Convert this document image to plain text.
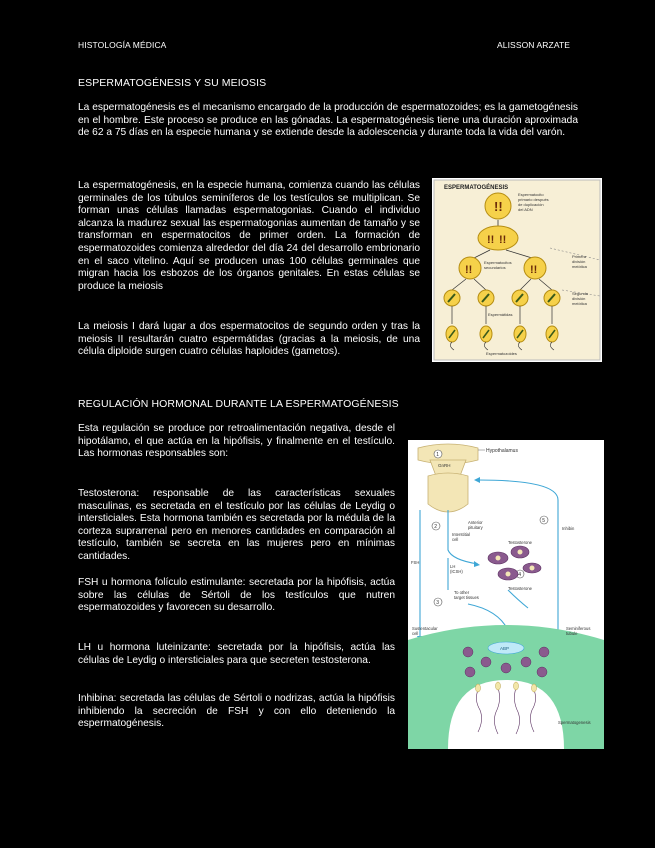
HISTOLOGÍA MÉDICA	ALISSON ARZATE
ESPERMATOGÉNESIS Y SU MEIOSIS
La espermatogénesis es el mecanismo encargado de la producción de espermatozoides; es la gametogénesis en el hombre. Este proceso se produce en las gónadas. La espermatogénesis tiene una duración aproximada de 62 a 75 días en la especie humana y se extiende desde la adolescencia y durante toda la vida del varón.
La espermatogénesis, en la especie humana, comienza cuando las células germinales de los túbulos seminíferos de los testículos se multiplican. Se forman unas células llamadas espermatogonias. Cuando el individuo alcanza la madurez sexual las espermatogonias aumentan de tamaño y se transforman en espermatocitos de primer orden. La formación de espermatozoides comienza alrededor del día 24 del desarrollo embrionario en el saco vitelino. Aquí se producen unas 100 células germinales que migran hacia los esbozos de los órganos genitales. En estas células se produce la meiosis
La meiosis I dará lugar a dos espermatocitos de segundo orden y tras la meiosis II resultarán cuatro espermátidas (gracias a la meiosis, de una célula diploide surgen cuatro células haploides (gametos).
ESPERMATOGÉNESIS
!!
Espermatocito primario después de duplicación del ADN
!! !!
!!	!!
Espermatocitos secundarios
Primera división meiótica
Segunda división meiótica
Espermátidas
Espermatozoides
REGULACIÓN HORMONAL DURANTE LA ESPERMATOGÉNESIS
Esta regulación se produce por retroalimentación negativa, desde el hipotálamo, el que actúa en la hipófisis, y finalmente en el testículo. Las hormonas responsables son:
Testosterona: responsable de las características sexuales masculinas, es secretada en el testículo por las células de Leydig o intersticiales. Esta hormona también es secretada por la médula de la corteza suprarrenal pero en menores cantidades en comparación al testículo, también se secreta en las mujeres pero en mínimas cantidades.
FSH u hormona folículo estimulante: secretada por la hipófisis, actúa sobre las células de Sértoli de los testículos que nutren espermatozoides y favorecen su desarrollo.
LH u hormona luteinizante: secretada por la hipófisis, actúa las células de Leydig o intersticiales para que secreten testosterona.
Inhibina: secretada las células de Sértoli o nodrizas, actúa la hipófisis inhibiendo la secreción de FSH y con ello deteniendo la espermatogénesis.
Hypothalamus
GnRH
Anterior pituitary
1
2
3
4
5
Interstitial cell
LH (ICSH)
FSH
Testosterone
Testosterone
To other target tissues
Inhibin
ABP
Sustentacular cell
Seminiferous tubule
Spermatogenesis
